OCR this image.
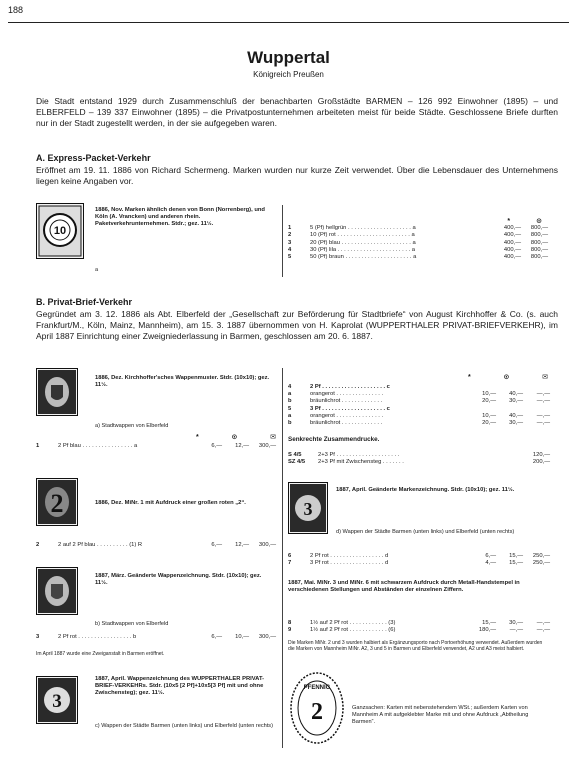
188
Wuppertal
Königreich Preußen
Die Stadt entstand 1929 durch Zusammenschluß der benachbarten Großstädte BARMEN – 126 992 Einwohner (1895) – und ELBERFELD – 139 337 Einwohner (1895) – die Privatpostunternehmen arbeiteten meist für beide Städte. Geschlossene Briefe durften nur in der Stadt zugestellt werden, in der sie aufgegeben waren.
A. Express-Packet-Verkehr
Eröffnet am 19. 11. 1886 von Richard Schermeng. Marken wurden nur kurze Zeit verwendet. Über die Lebensdauer des Unternehmens liegen keine Angaben vor.
10
a
1886, Nov. Marken ähnlich denen von Bonn (Norrenberg), und Köln (A. Vrancken) und anderen rhein. Paketverkehrunternehmen. Stdr.; gez. 11½.	*	⊙
1	5 (Pf) hellgrün . . . . . . . . . . . . . . . . . . . . a	400,—	800,—
2	10 (Pf) rot . . . . . . . . . . . . . . . . . . . . . . . a	400,—	800,—
3	20 (Pf) blau . . . . . . . . . . . . . . . . . . . . . . a	400,—	800,—
4	30 (Pf) lila . . . . . . . . . . . . . . . . . . . . . . . a	400,—	800,—
5	50 (Pf) braun . . . . . . . . . . . . . . . . . . . . . a	400,—	800,—
B. Privat-Brief-Verkehr
Gegründet am 3. 12. 1886 als Abt. Elberfeld der „Gesellschaft zur Beförderung für Stadtbriefe“ von August Kirchhoffer & Co. (s. auch Frankfurt/M., Köln, Mainz, Mannheim), am 15. 3. 1887 übernommen von H. Kaprolat (WUPPERTHALER PRIVAT-BRIEFVERKEHR), im April 1887 Einrichtung einer Zweigniederlassung in Barmen, geschlossen am 20. 6. 1887.
1886, Dez. Kirchhoffer'sches Wappenmuster. Stdr. (10x10); gez. 11½.
a) Stadtwappen von Elberfeld
*	⊙	✉
1	2 Pf blau . . . . . . . . . . . . . . . . a	6,—	12,—	300,—
2	1886, Dez. MiNr. 1 mit Aufdruck einer großen roten „2“.
2	2 auf 2 Pf blau . . . . . . . . . . (1) R	6,—	12,—	300,—
1887, März. Geänderte Wappenzeichnung. Stdr. (10x10); gez. 11½.
b) Stadtwappen von Elberfeld
3	2 Pf rot . . . . . . . . . . . . . . . . . b	6,—	10,—	300,—
Im April 1887 wurde eine Zweiganstalt in Barmen eröffnet.
3
1887, April. Wappenzeichnung des WUPPERTHALER PRIVAT-BRIEF-VERKEHRs. Stdr. (10x5 [2 Pf]+10x5[3 Pf] mit und ohne Zwischensteg); gez. 11½.
c) Wappen der Städte Barmen (unten links) und Elberfeld (unten rechts)
*	⊙	✉
4	2 Pf . . . . . . . . . . . . . . . . . . . . c
a	orangerot . . . . . . . . . . . . . . .	10,—	40,—	—,—
b	bräunlichrot . . . . . . . . . . . . .	20,—	30,—	—,—
5	3 Pf . . . . . . . . . . . . . . . . . . . . c
a	orangerot . . . . . . . . . . . . . . .	10,—	40,—	—,—
b	bräunlichrot . . . . . . . . . . . . .	20,—	30,—	—,—
Senkrechte Zusammendrucke.
S 4/5	2+3 Pf . . . . . . . . . . . . . . . . . . . .	120,—
SZ 4/5	2+3 Pf mit Zwischensteg . . . . . . .	200,—
3
1887, April. Geänderte Markenzeichnung. Stdr. (10x10); gez. 11½.
d) Wappen der Städte Barmen (unten links) und Elberfeld (unten rechts)
6	2 Pf rot . . . . . . . . . . . . . . . . . d	6,—	15,—	250,—
7	3 Pf rot . . . . . . . . . . . . . . . . . d	4,—	15,—	250,—
1887, Mai. MiNr. 3 und MiNr. 6 mit schwarzem Aufdruck durch Metall-Handstempel in verschiedenen Stellungen und Abständen der einzelnen Ziffern.
8	1½ auf 2 Pf rot . . . . . . . . . . . . (3)	15,—	30,—	—,—
9	1½ auf 2 Pf rot . . . . . . . . . . . . (6)	180,—	—,—	—,—
Die Marken MiNr. 2 und 3 wurden halbiert als Ergänzungsporto nach Portoerhöhung verwendet. Außerdem wurden die Marken von Mannheim MiNr. A2, 3 und 5 in Barmen und Elberfeld verwendet, A2 und A3 meist halbiert.
PFENNIG
2	Ganzsachen: Karten mit nebenstehendem WSt.; außerdem Karten von Mannheim A mit aufgeklebter Marke mit und ohne Aufdruck „Abtheilung Barmen“.
